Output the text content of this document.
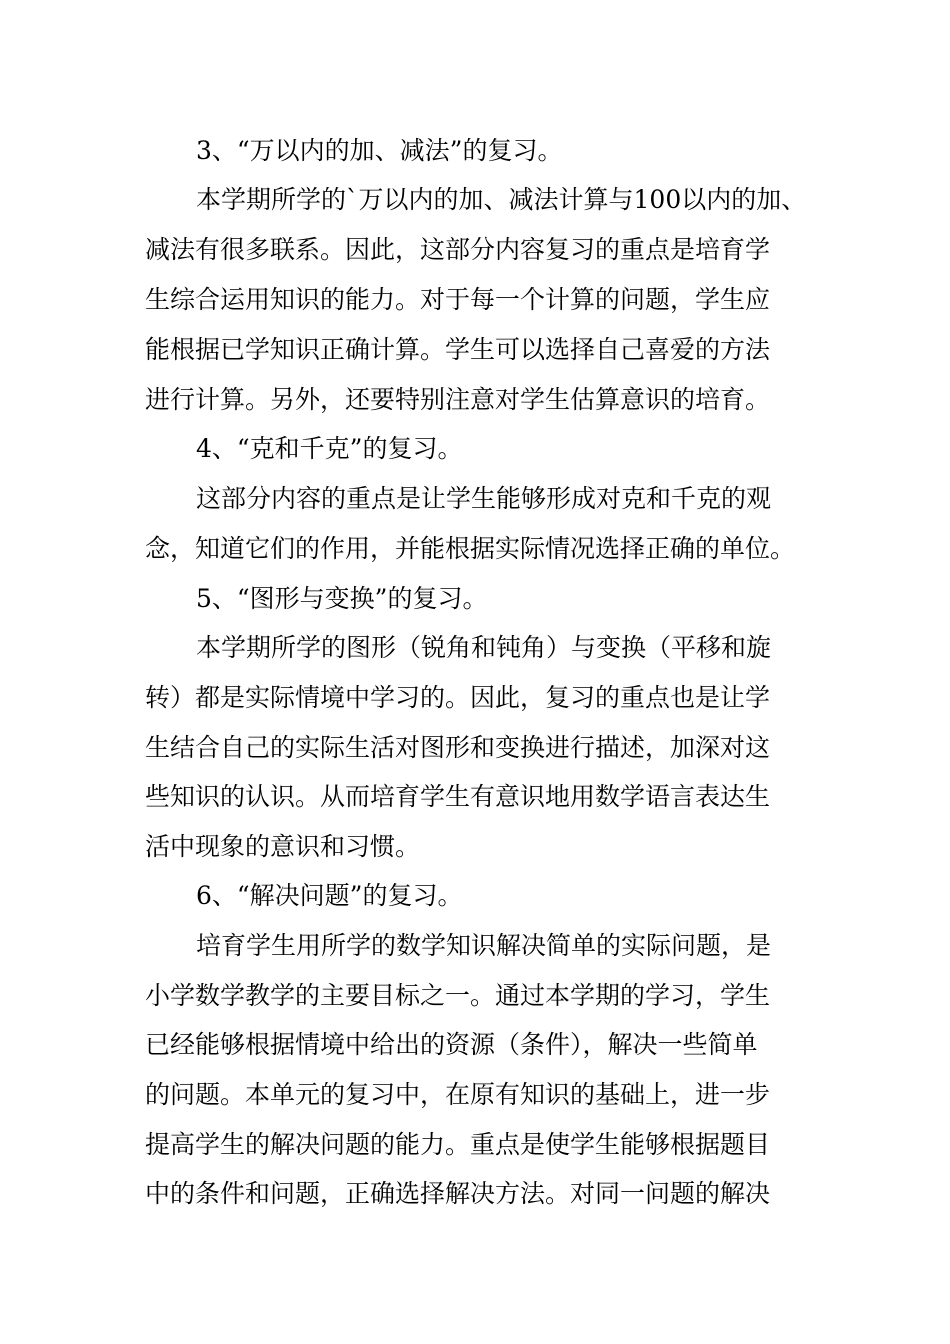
3、“万以内的加、减法”的复习。
本学期所学的`万以内的加、减法计算与100以内的加、
减法有很多联系。因此，这部分内容复习的重点是培育学
生综合运用知识的能力。对于每一个计算的问题，学生应
能根据已学知识正确计算。学生可以选择自己喜爱的方法
进行计算。另外，还要特别注意对学生估算意识的培育。
4、“克和千克”的复习。
这部分内容的重点是让学生能够形成对克和千克的观
念，知道它们的作用，并能根据实际情况选择正确的单位。
5、“图形与变换”的复习。
本学期所学的图形（锐角和钝角）与变换（平移和旋
转）都是实际情境中学习的。因此，复习的重点也是让学
生结合自己的实际生活对图形和变换进行描述，加深对这
些知识的认识。从而培育学生有意识地用数学语言表达生
活中现象的意识和习惯。
6、“解决问题”的复习。
培育学生用所学的数学知识解决简单的实际问题，是
小学数学教学的主要目标之一。通过本学期的学习，学生
已经能够根据情境中给出的资源（条件），解决一些简单
的问题。本单元的复习中，在原有知识的基础上，进一步
提高学生的解决问题的能力。重点是使学生能够根据题目
中的条件和问题，正确选择解决方法。对同一问题的解决
